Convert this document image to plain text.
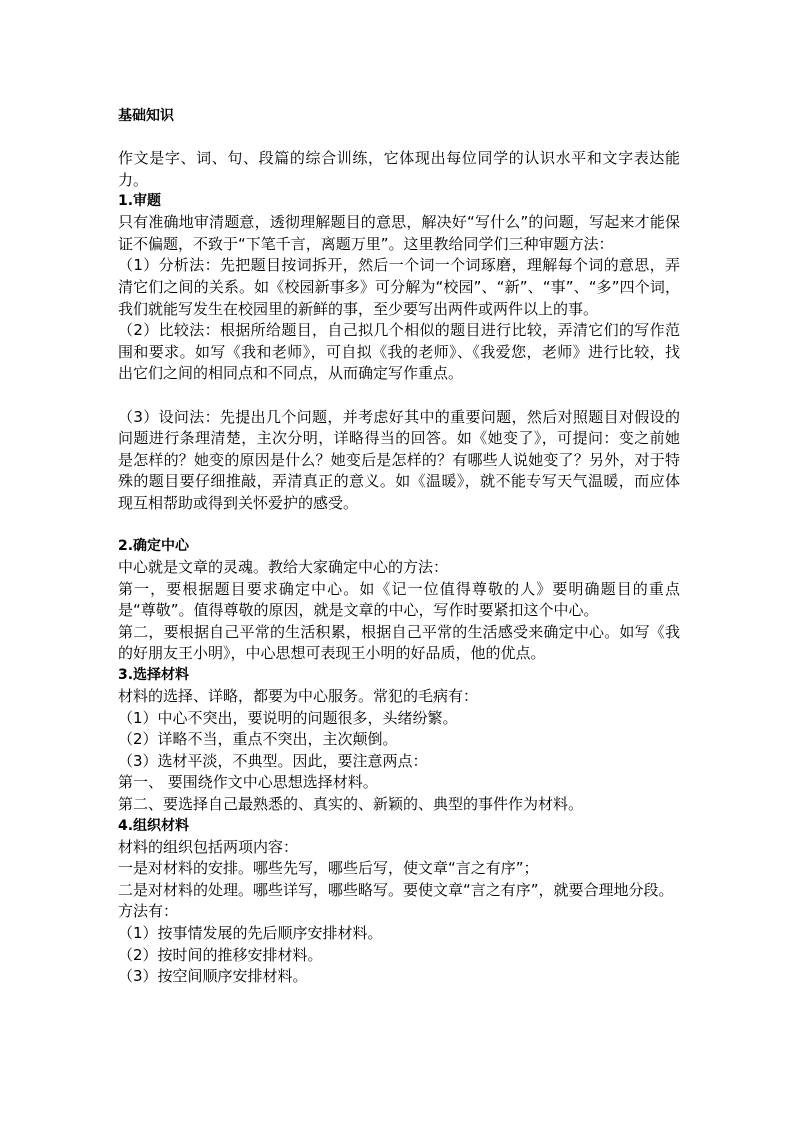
基础知识

作文是字、词、句、段篇的综合训练，它体现出每位同学的认识水平和文字表达能力。

1.审题

只有准确地审清题意，透彻理解题目的意思，解决好“写什么”的问题，写起来才能保证不偏题，不致于“下笔千言，离题万里”。这里教给同学们三种审题方法：

（1）分析法：先把题目按词拆开，然后一个词一个词琢磨，理解每个词的意思，弄清它们之间的关系。如《校园新事多》可分解为“校园”、“新”、“事”、“多”四个词，我们就能写发生在校园里的新鲜的事，至少要写出两件或两件以上的事。

（2）比较法：根据所给题目，自己拟几个相似的题目进行比较，弄清它们的写作范围和要求。如写《我和老师》，可自拟《我的老师》、《我爱您，老师》进行比较，找出它们之间的相同点和不同点，从而确定写作重点。

（3）设问法：先提出几个问题，并考虑好其中的重要问题，然后对照题目对假设的问题进行条理清楚，主次分明，详略得当的回答。如《她变了》，可提问：变之前她是怎样的？她变的原因是什么？她变后是怎样的？有哪些人说她变了？另外，对于特殊的题目要仔细推敲，弄清真正的意义。如《温暖》，就不能专写天气温暖，而应体现互相帮助或得到关怀爱护的感受。

2.确定中心

中心就是文章的灵魂。教给大家确定中心的方法：

第一，要根据题目要求确定中心。如《记一位值得尊敬的人》要明确题目的重点是“尊敬”。值得尊敬的原因，就是文章的中心，写作时要紧扣这个中心。

第二，要根据自己平常的生活积累，根据自己平常的生活感受来确定中心。如写《我的好朋友王小明》，中心思想可表现王小明的好品质，他的优点。

3.选择材料

材料的选择、详略，都要为中心服务。常犯的毛病有：

（1）中心不突出，要说明的问题很多，头绪纷繁。

（2）详略不当，重点不突出，主次颠倒。

（3）选材平淡，不典型。因此，要注意两点：

第一、 要围绕作文中心思想选择材料。

第二、要选择自己最熟悉的、真实的、新颖的、典型的事件作为材料。

4.组织材料

材料的组织包括两项内容：

一是对材料的安排。哪些先写，哪些后写，使文章“言之有序”；

二是对材料的处理。哪些详写，哪些略写。要使文章“言之有序”，就要合理地分段。

方法有：

（1）按事情发展的先后顺序安排材料。

（2）按时间的推移安排材料。

（3）按空间顺序安排材料。
